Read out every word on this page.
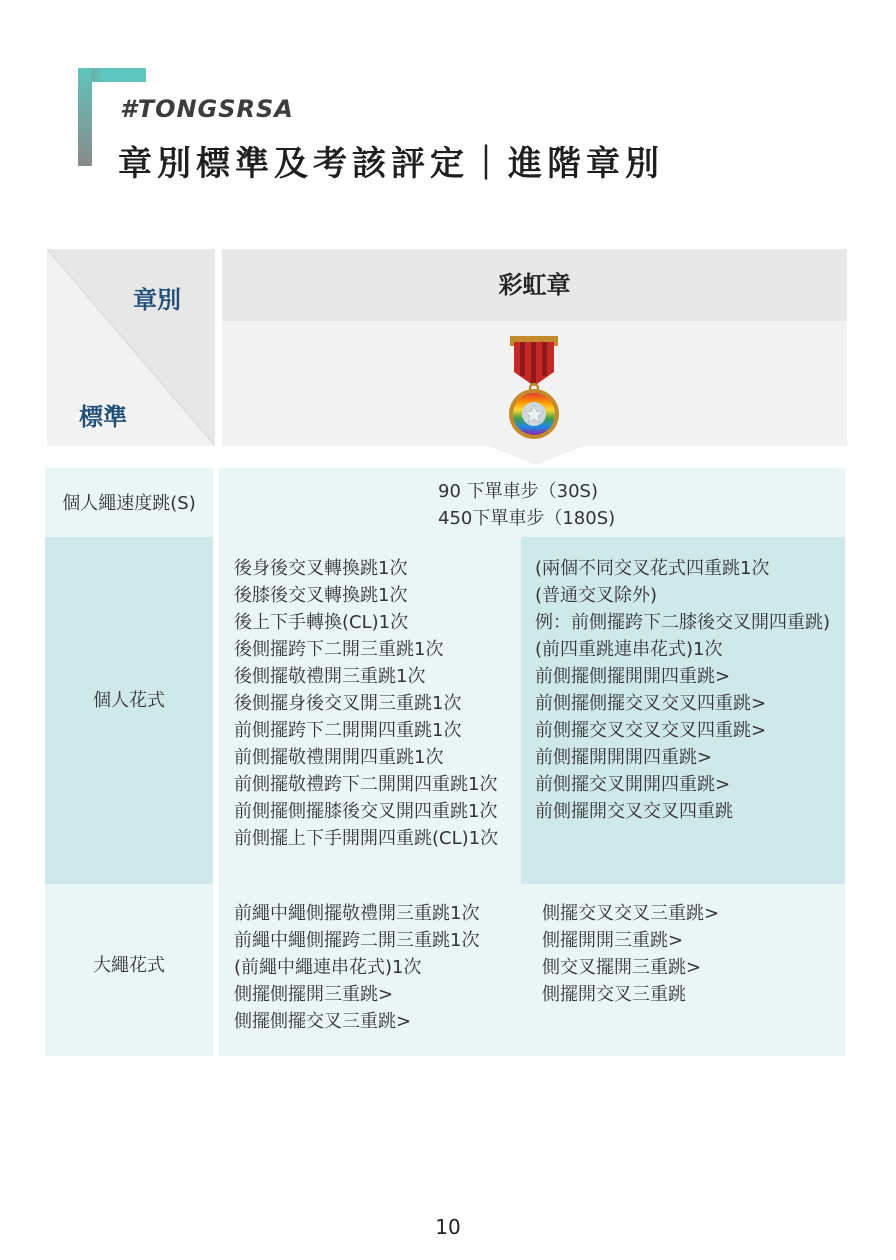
#TONGSRSA
章別標準及考該評定｜進階章別
章別
標準
彩虹章
個人繩速度跳(S)
90 下單車步（30S)
450下單車步（180S)
個人花式
後身後交叉轉換跳1次
後膝後交叉轉換跳1次
後上下手轉換(CL)1次
後側擺跨下二開三重跳1次
後側擺敬禮開三重跳1次
後側擺身後交叉開三重跳1次
前側擺跨下二開開四重跳1次
前側擺敬禮開開四重跳1次
前側擺敬禮跨下二開開四重跳1次
前側擺側擺膝後交叉開四重跳1次
前側擺上下手開開四重跳(CL)1次
(兩個不同交叉花式四重跳1次
(普通交叉除外)
例：前側擺跨下二膝後交叉開四重跳)
(前四重跳連串花式)1次
前側擺側擺開開四重跳>
前側擺側擺交叉交叉四重跳>
前側擺交叉交叉交叉四重跳>
前側擺開開開四重跳>
前側擺交叉開開四重跳>
前側擺開交叉交叉四重跳
大繩花式
前繩中繩側擺敬禮開三重跳1次
前繩中繩側擺跨二開三重跳1次
(前繩中繩連串花式)1次
側擺側擺開三重跳>
側擺側擺交叉三重跳>
側擺交叉交叉三重跳>
側擺開開三重跳>
側交叉擺開三重跳>
側擺開交叉三重跳
10
